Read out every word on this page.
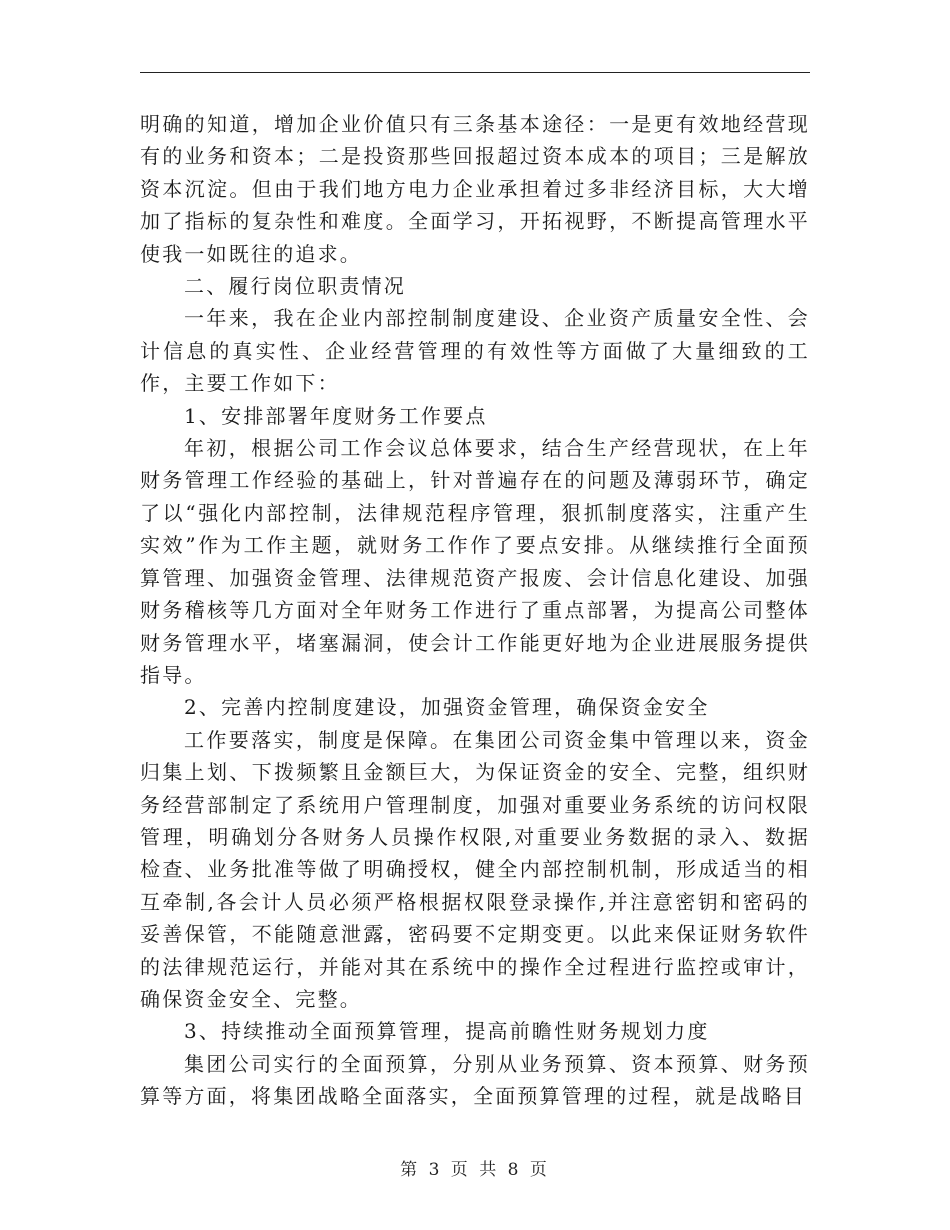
明确的知道，增加企业价值只有三条基本途径：一是更有效地经营现有的业务和资本；二是投资那些回报超过资本成本的项目；三是解放资本沉淀。但由于我们地方电力企业承担着过多非经济目标，大大增加了指标的复杂性和难度。全面学习，开拓视野，不断提高管理水平使我一如既往的追求。

二、履行岗位职责情况

一年来，我在企业内部控制制度建设、企业资产质量安全性、会计信息的真实性、企业经营管理的有效性等方面做了大量细致的工作，主要工作如下：

1、安排部署年度财务工作要点

年初，根据公司工作会议总体要求，结合生产经营现状，在上年财务管理工作经验的基础上，针对普遍存在的问题及薄弱环节，确定了以“强化内部控制，法律规范程序管理，狠抓制度落实，注重产生实效”作为工作主题，就财务工作作了要点安排。从继续推行全面预算管理、加强资金管理、法律规范资产报废、会计信息化建设、加强财务稽核等几方面对全年财务工作进行了重点部署，为提高公司整体财务管理水平，堵塞漏洞，使会计工作能更好地为企业进展服务提供指导。

2、完善内控制度建设，加强资金管理，确保资金安全

工作要落实，制度是保障。在集团公司资金集中管理以来，资金归集上划、下拨频繁且金额巨大，为保证资金的安全、完整，组织财务经营部制定了系统用户管理制度，加强对重要业务系统的访问权限管理，明确划分各财务人员操作权限,对重要业务数据的录入、数据检查、业务批准等做了明确授权，健全内部控制机制，形成适当的相互牵制,各会计人员必须严格根据权限登录操作,并注意密钥和密码的妥善保管，不能随意泄露，密码要不定期变更。以此来保证财务软件的法律规范运行，并能对其在系统中的操作全过程进行监控或审计，确保资金安全、完整。

3、持续推动全面预算管理，提高前瞻性财务规划力度

集团公司实行的全面预算，分别从业务预算、资本预算、财务预算等方面，将集团战略全面落实，全面预算管理的过程，就是战略目

第 3 页 共 8 页
